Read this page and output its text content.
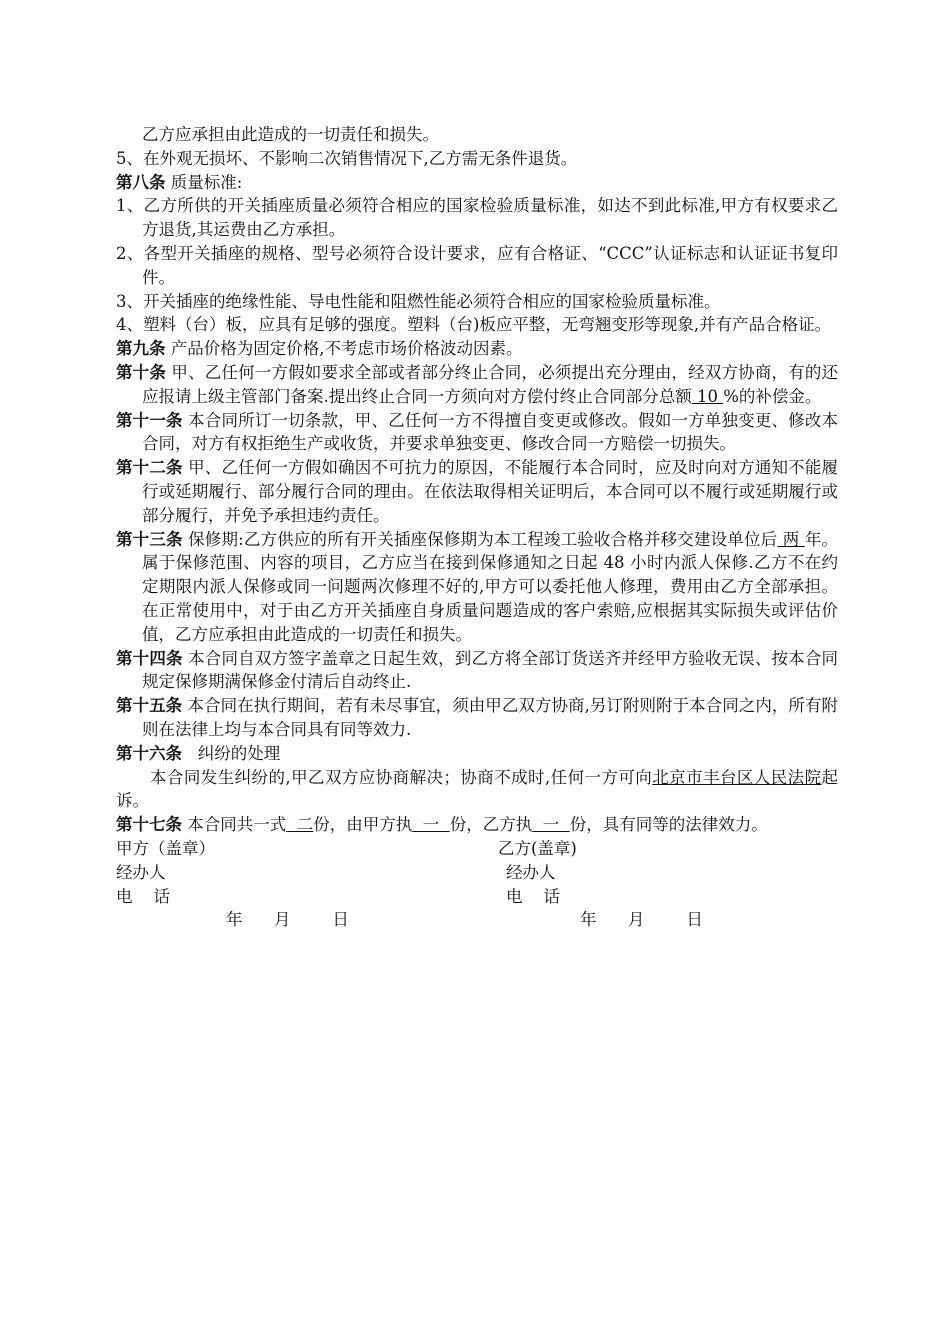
乙方应承担由此造成的一切责任和损失。

5、在外观无损坏、不影响二次销售情况下,乙方需无条件退货。

第八条 质量标准:

1、乙方所供的开关插座质量必须符合相应的国家检验质量标准，如达不到此标准,甲方有权要求乙方退货,其运费由乙方承担。

2、各型开关插座的规格、型号必须符合设计要求，应有合格证、“CCC”认证标志和认证证书复印件。

3、开关插座的绝缘性能、导电性能和阻燃性能必须符合相应的国家检验质量标准。

4、塑料（台）板，应具有足够的强度。塑料（台)板应平整，无弯翘变形等现象,并有产品合格证。

第九条 产品价格为固定价格,不考虑市场价格波动因素。

第十条 甲、乙任何一方假如要求全部或者部分终止合同，必须提出充分理由，经双方协商，有的还应报请上级主管部门备案.提出终止合同一方须向对方偿付终止合同部分总额 10 %的补偿金。

第十一条 本合同所订一切条款，甲、乙任何一方不得擅自变更或修改。假如一方单独变更、修改本合同，对方有权拒绝生产或收货，并要求单独变更、修改合同一方赔偿一切损失。

第十二条 甲、乙任何一方假如确因不可抗力的原因，不能履行本合同时，应及时向对方通知不能履行或延期履行、部分履行合同的理由。在依法取得相关证明后，本合同可以不履行或延期履行或部分履行，并免予承担违约责任。

第十三条 保修期:乙方供应的所有开关插座保修期为本工程竣工验收合格并移交建设单位后 两 年。属于保修范围、内容的项目，乙方应当在接到保修通知之日起 48 小时内派人保修.乙方不在约定期限内派人保修或同一问题两次修理不好的,甲方可以委托他人修理，费用由乙方全部承担。在正常使用中，对于由乙方开关插座自身质量问题造成的客户索赔,应根据其实际损失或评估价值，乙方应承担由此造成的一切责任和损失。

第十四条 本合同自双方签字盖章之日起生效，到乙方将全部订货送齐并经甲方验收无误、按本合同规定保修期满保修金付清后自动终止.

第十五条 本合同在执行期间，若有未尽事宜，须由甲乙双方协商,另订附则附于本合同之内，所有附则在法律上均与本合同具有同等效力.

第十六条   纠纷的处理

本合同发生纠纷的,甲乙双方应协商解决；协商不成时,任何一方可向北京市丰台区人民法院起诉。

第十七条 本合同共一式  二份，由甲方执  一  份，乙方执  一  份，具有同等的法律效力。

甲方（盖章）	乙方(盖章)
经办人	经办人
电    话	电    话
年      月        日	年      月        日
